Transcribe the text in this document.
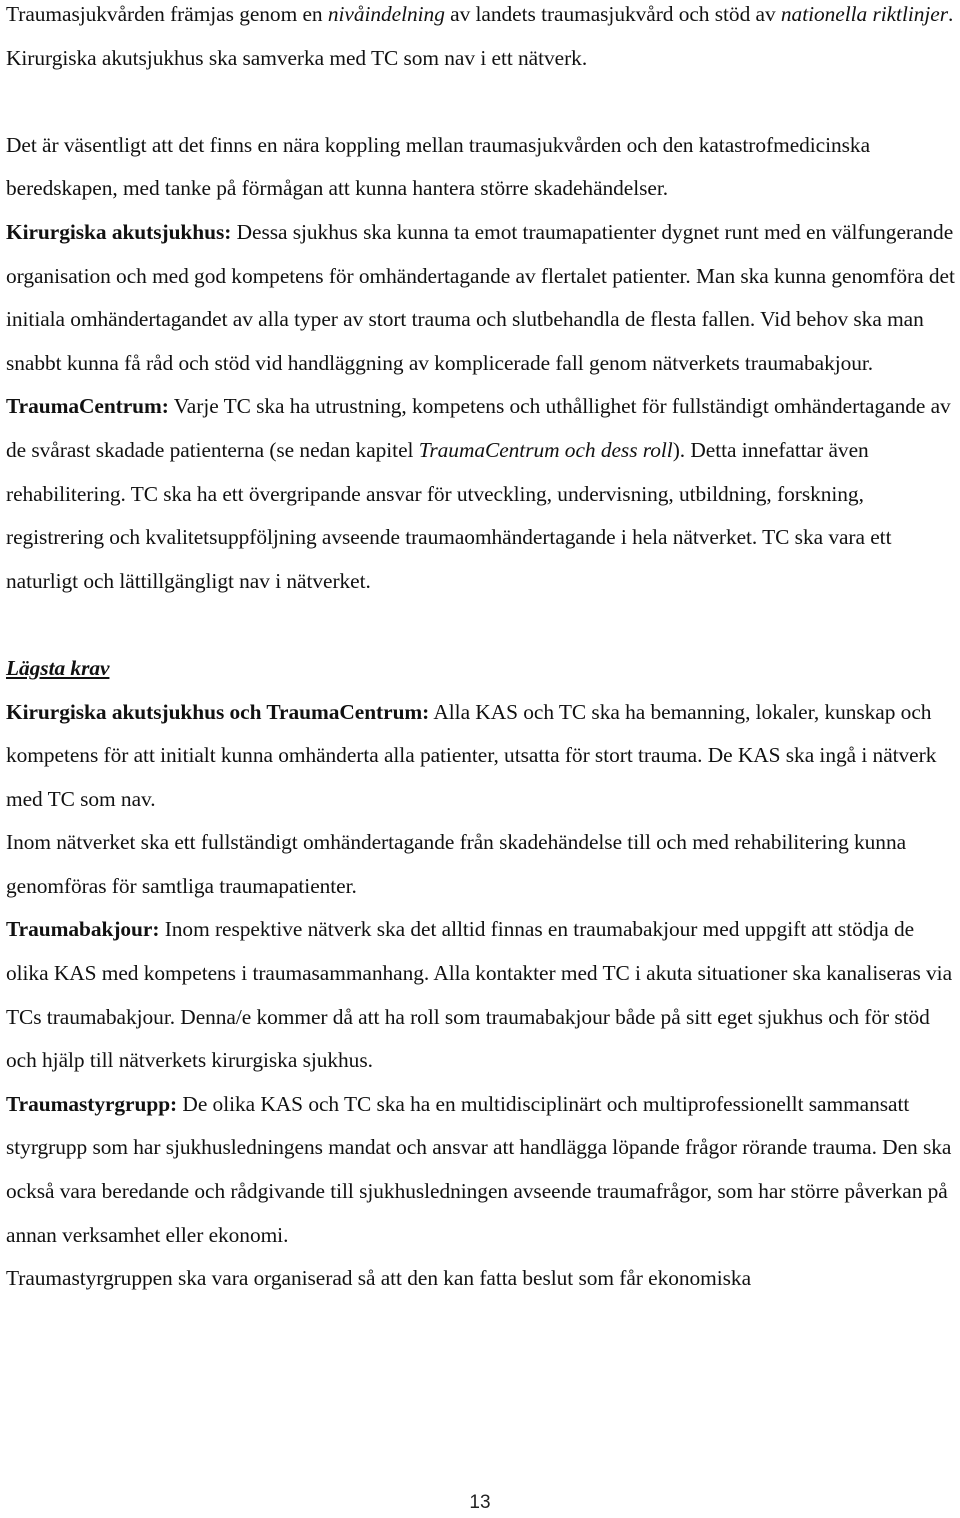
Traumasjukvården främjas genom en nivåindelning av landets traumasjukvård och stöd av nationella riktlinjer. Kirurgiska akutsjukhus ska samverka med TC som nav i ett nätverk.

Det är väsentligt att det finns en nära koppling mellan traumasjukvården och den katastrofmedicinska beredskapen, med tanke på förmågan att kunna hantera större skadehändelser.

Kirurgiska akutsjukhus: Dessa sjukhus ska kunna ta emot traumapatienter dygnet runt med en välfungerande organisation och med god kompetens för omhändertagande av flertalet patienter. Man ska kunna genomföra det initiala omhändertagandet av alla typer av stort trauma och slutbehandla de flesta fallen. Vid behov ska man snabbt kunna få råd och stöd vid handläggning av komplicerade fall genom nätverkets traumabakjour.

TraumaCentrum: Varje TC ska ha utrustning, kompetens och uthållighet för fullständigt omhändertagande av de svårast skadade patienterna (se nedan kapitel TraumaCentrum och dess roll). Detta innefattar även rehabilitering. TC ska ha ett övergripande ansvar för utveckling, undervisning, utbildning, forskning, registrering och kvalitetsuppföljning avseende traumaomhändertagande i hela nätverket. TC ska vara ett naturligt och lättillgängligt nav i nätverket.

Lägsta krav

Kirurgiska akutsjukhus och TraumaCentrum: Alla KAS och TC ska ha bemanning, lokaler, kunskap och kompetens för att initialt kunna omhänderta alla patienter, utsatta för stort trauma. De KAS ska ingå i nätverk med TC som nav.

Inom nätverket ska ett fullständigt omhändertagande från skadehändelse till och med rehabilitering kunna genomföras för samtliga traumapatienter.

Traumabakjour: Inom respektive nätverk ska det alltid finnas en traumabakjour med uppgift att stödja de olika KAS med kompetens i traumasammanhang. Alla kontakter med TC i akuta situationer ska kanaliseras via TCs traumabakjour. Denna/e kommer då att ha roll som traumabakjour både på sitt eget sjukhus och för stöd och hjälp till nätverkets kirurgiska sjukhus.

Traumastyrgrupp: De olika KAS och TC ska ha en multidisciplinärt och multiprofessionellt sammansatt styrgrupp som har sjukhusledningens mandat och ansvar att handlägga löpande frågor rörande trauma. Den ska också vara beredande och rådgivande till sjukhusledningen avseende traumafrågor, som har större påverkan på annan verksamhet eller ekonomi.

Traumastyrgruppen ska vara organiserad så att den kan fatta beslut som får ekonomiska

13
